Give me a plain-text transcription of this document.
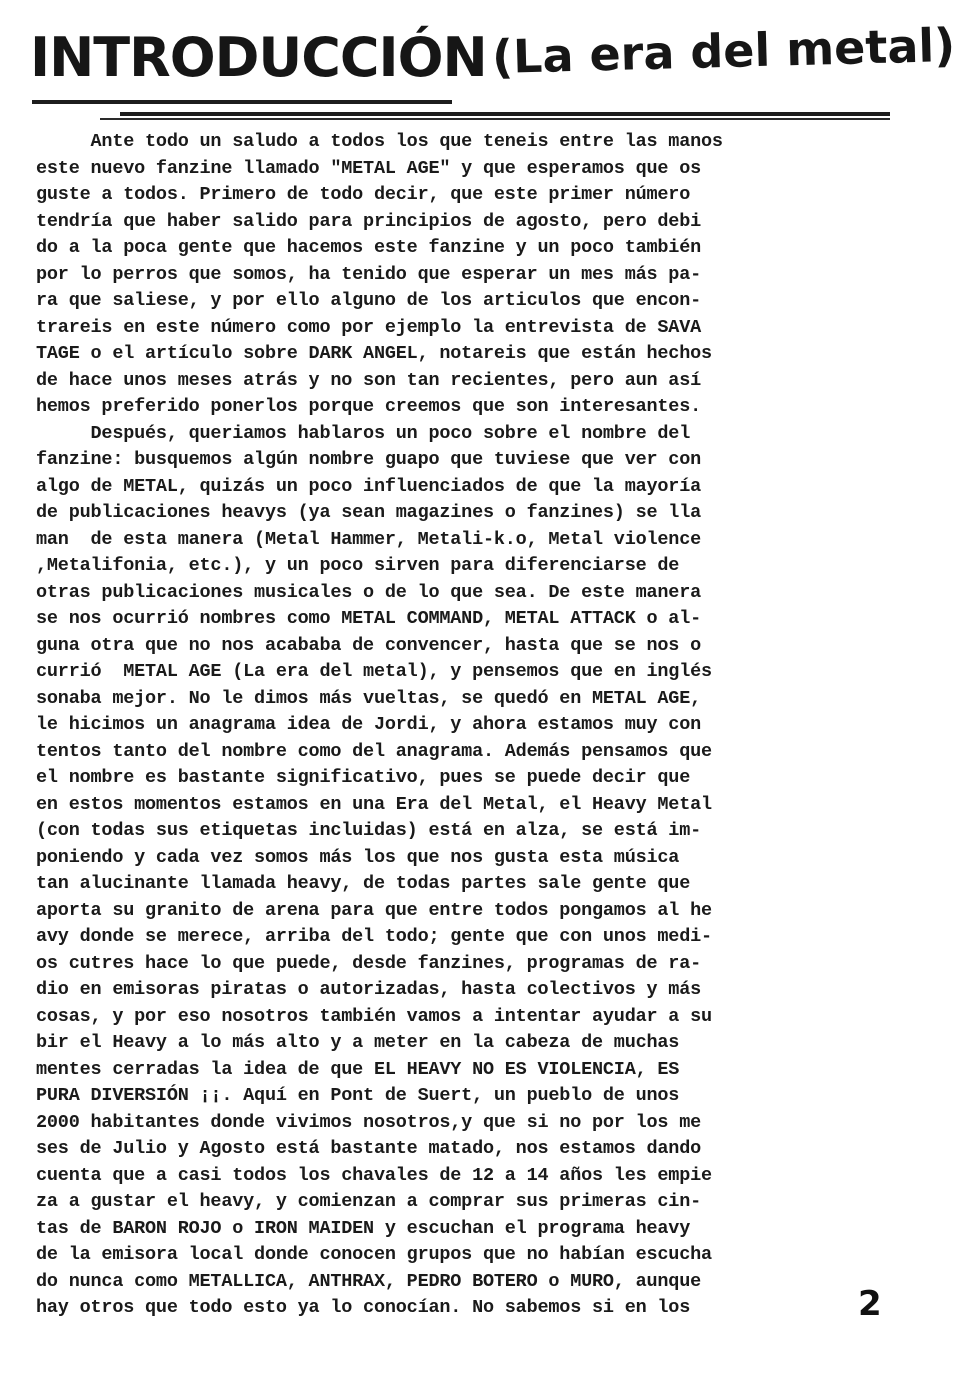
INTRODUCCIÓN (La era del metal)
Ante todo un saludo a todos los que teneis entre las manos
este nuevo fanzine llamado "METAL AGE" y que esperamos que os
guste a todos. Primero de todo decir, que este primer número
tendría que haber salido para principios de agosto, pero debi
do a la poca gente que hacemos este fanzine y un poco también
por lo perros que somos, ha tenido que esperar un mes más pa-
ra que saliese, y por ello alguno de los articulos que encon-
trareis en este número como por ejemplo la entrevista de SAVA
TAGE o el artículo sobre DARK ANGEL, notareis que están hechos
de hace unos meses atrás y no son tan recientes, pero aun así
hemos preferido ponerlos porque creemos que son interesantes.
Después, queriamos hablaros un poco sobre el nombre del
fanzine: busquemos algún nombre guapo que tuviese que ver con
algo de METAL, quizás un poco influenciados de que la mayoría
de publicaciones heavys (ya sean magazines o fanzines) se lla
man  de esta manera (Metal Hammer, Metali-k.o, Metal violence
,Metalifonia, etc.), y un poco sirven para diferenciarse de
otras publicaciones musicales o de lo que sea. De este manera
se nos ocurrió nombres como METAL COMMAND, METAL ATTACK o al-
guna otra que no nos acababa de convencer, hasta que se nos o
currió  METAL AGE (La era del metal), y pensemos que en inglés
sonaba mejor. No le dimos más vueltas, se quedó en METAL AGE,
le hicimos un anagrama idea de Jordi, y ahora estamos muy con
tentos tanto del nombre como del anagrama. Además pensamos que
el nombre es bastante significativo, pues se puede decir que
en estos momentos estamos en una Era del Metal, el Heavy Metal
(con todas sus etiquetas incluidas) está en alza, se está im-
poniendo y cada vez somos más los que nos gusta esta música
tan alucinante llamada heavy, de todas partes sale gente que
aporta su granito de arena para que entre todos pongamos al he
avy donde se merece, arriba del todo; gente que con unos medi-
os cutres hace lo que puede, desde fanzines, programas de ra-
dio en emisoras piratas o autorizadas, hasta colectivos y más
cosas, y por eso nosotros también vamos a intentar ayudar a su
bir el Heavy a lo más alto y a meter en la cabeza de muchas
mentes cerradas la idea de que EL HEAVY NO ES VIOLENCIA, ES
PURA DIVERSIÓN ¡¡. Aquí en Pont de Suert, un pueblo de unos
2000 habitantes donde vivimos nosotros,y que si no por los me
ses de Julio y Agosto está bastante matado, nos estamos dando
cuenta que a casi todos los chavales de 12 a 14 años les empie
za a gustar el heavy, y comienzan a comprar sus primeras cin-
tas de BARON ROJO o IRON MAIDEN y escuchan el programa heavy
de la emisora local donde conocen grupos que no habían escucha
do nunca como METALLICA, ANTHRAX, PEDRO BOTERO o MURO, aunque
hay otros que todo esto ya lo conocían. No sabemos si en los	2
